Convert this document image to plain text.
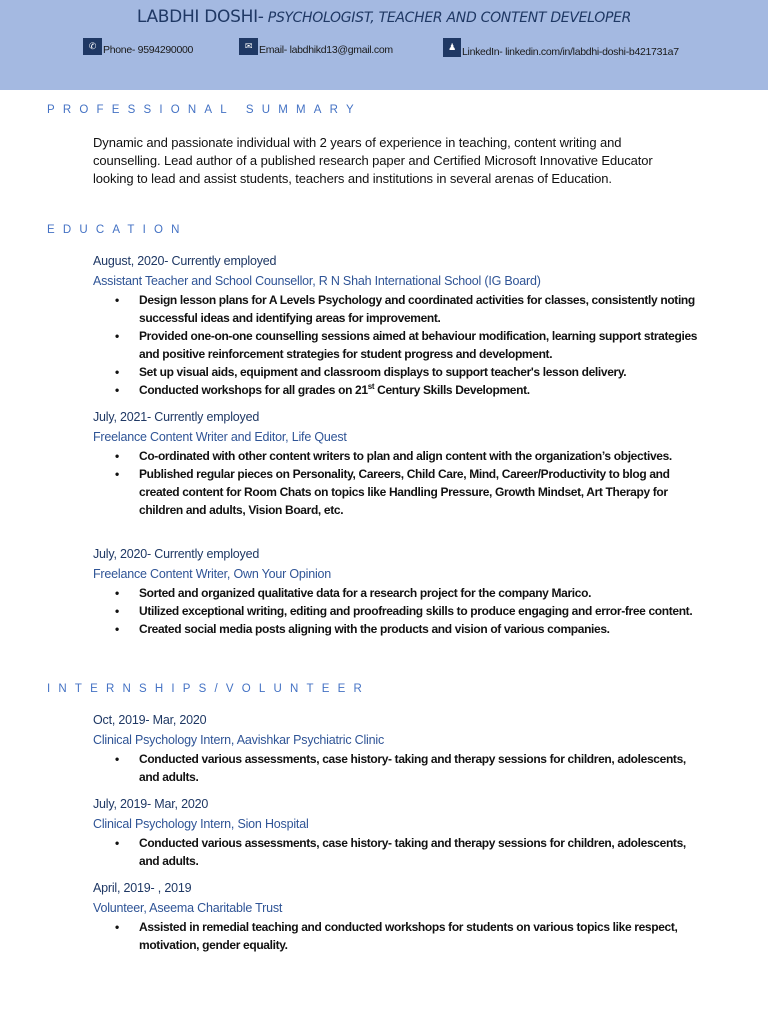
LABDHI DOSHI- PSYCHOLOGIST, TEACHER AND CONTENT DEVELOPER
✆ Phone- 9594290000	✉ Email- labdhikd13@gmail.com	♟ LinkedIn- linkedin.com/in/labdhi-doshi-b421731a7
PROFESSIONAL SUMMARY
Dynamic and passionate individual with 2 years of experience in teaching, content writing and counselling. Lead author of a published research paper and Certified Microsoft Innovative Educator looking to lead and assist students, teachers and institutions in several arenas of Education.
EDUCATION
August, 2020- Currently employed
Assistant Teacher and School Counsellor, R N Shah International School (IG Board)
• Design lesson plans for A Levels Psychology and coordinated activities for classes, consistently noting successful ideas and identifying areas for improvement.
• Provided one-on-one counselling sessions aimed at behaviour modification, learning support strategies and positive reinforcement strategies for student progress and development.
• Set up visual aids, equipment and classroom displays to support teacher's lesson delivery.
• Conducted workshops for all grades on 21st Century Skills Development.
July, 2021- Currently employed
Freelance Content Writer and Editor, Life Quest
• Co-ordinated with other content writers to plan and align content with the organization’s objectives.
• Published regular pieces on Personality, Careers, Child Care, Mind, Career/Productivity to blog and created content for Room Chats on topics like Handling Pressure, Growth Mindset, Art Therapy for children and adults, Vision Board, etc.
July, 2020- Currently employed
Freelance Content Writer, Own Your Opinion
• Sorted and organized qualitative data for a research project for the company Marico.
• Utilized exceptional writing, editing and proofreading skills to produce engaging and error-free content.
• Created social media posts aligning with the products and vision of various companies.
INTERNSHIPS/VOLUNTEER
Oct, 2019- Mar, 2020
Clinical Psychology Intern, Aavishkar Psychiatric Clinic
• Conducted various assessments, case history- taking and therapy sessions for children, adolescents, and adults.
July, 2019- Mar, 2020
Clinical Psychology Intern, Sion Hospital
• Conducted various assessments, case history- taking and therapy sessions for children, adolescents, and adults.
April, 2019- , 2019
Volunteer, Aseema Charitable Trust
• Assisted in remedial teaching and conducted workshops for students on various topics like respect, motivation, gender equality.
